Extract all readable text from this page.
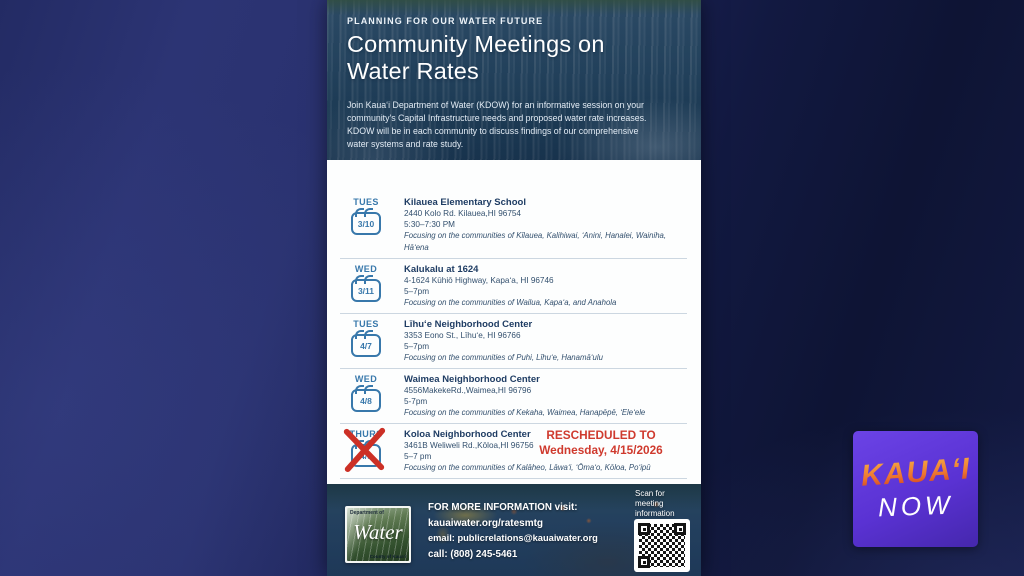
PLANNING FOR OUR WATER FUTURE
Community Meetings on Water Rates
Join Kauaʻi Department of Water (KDOW) for an informative session on your community's Capital Infrastructure needs and proposed water rate increases. KDOW will be in each community to discuss findings of our comprehensive water systems and rate study.
TUES
3/10
Kilauea Elementary School
2440 Kolo Rd. Kilauea,HI 96754
5:30–7:30 PM
Focusing on the communities of Kīlauea, Kalihiwai, ʻAnini, Hanalei, Wainiha, Hāʻena
WED
3/11
Kalukalu at 1624
4-1624 Kūhiō Highway, Kapaʻa, HI 96746
5–7pm
Focusing on the communities of Wailua, Kapaʻa, and Anahola
TUES
4/7
Līhuʻe Neighborhood Center
3353 Eono St., Līhuʻe, HI 96766
5–7pm
Focusing on the communities of Puhi, Līhuʻe, Hanamāʻulu
WED
4/8
Waimea Neighborhood Center
4556MakekeRd.,Waimea,HI 96796
5-7pm
Focusing on the communities of Kekaha, Waimea, Hanapēpē, ʻEleʻele
THURS
4/9
Koloa Neighborhood Center
3461B Weliweli Rd.,Kōloa,HI 96756
5–7 pm
Focusing on the communities of Kalāheo, Lāwaʻi, ʻŌmaʻo, Kōloa, Poʻipū
RESCHEDULED TO
Wednesday, 4/15/2026
Department of
Water
County of Kaua'i
FOR MORE INFORMATION visit:
kauaiwater.org/ratesmtg
email: publicrelations@kauaiwater.org
call: (808) 245-5461
Scan for meeting information
KAUAʻI
NOW
